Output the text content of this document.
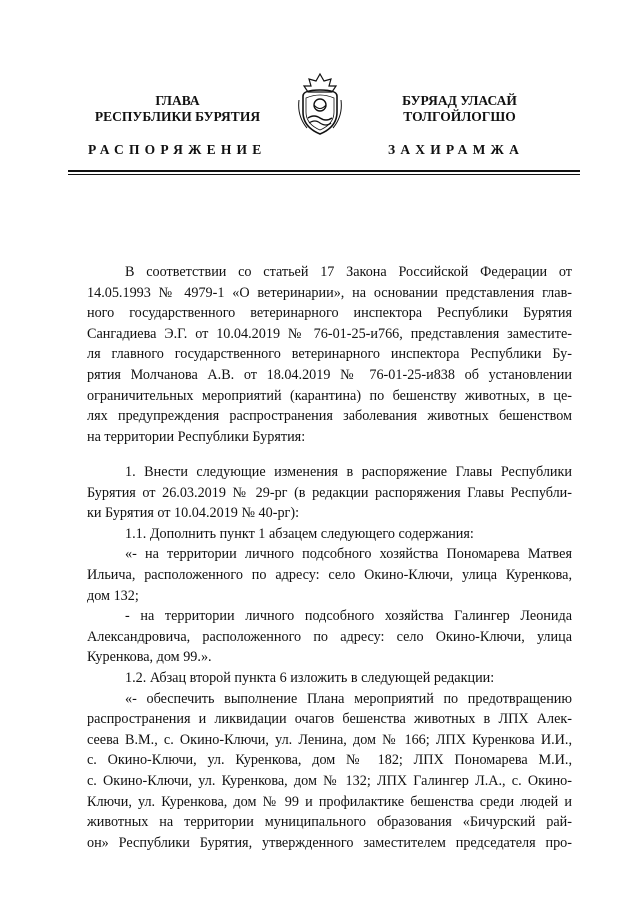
ГЛАВА
РЕСПУБЛИКИ БУРЯТИЯ
БУРЯАД УЛАСАЙ
ТОЛГОЙЛОГШО
РАСПОРЯЖЕНИЕ	ЗАХИРАМЖА
В соответствии со статьей 17 Закона Российской Федерации от
14.05.1993 № 4979-1 «О ветеринарии», на основании представления глав-
ного государственного ветеринарного инспектора Республики Бурятия
Сангадиева Э.Г. от 10.04.2019 № 76-01-25-и766, представления заместите-
ля главного государственного ветеринарного инспектора Республики Бу-
рятия Молчанова А.В. от 18.04.2019 № 76-01-25-и838 об установлении
ограничительных мероприятий (карантина) по бешенству животных, в це-
лях предупреждения распространения заболевания животных бешенством
на территории Республики Бурятия:
1. Внести следующие изменения в распоряжение Главы Республики
Бурятия от 26.03.2019 № 29-рг (в редакции распоряжения Главы Республи-
ки Бурятия от 10.04.2019 № 40-рг):
1.1. Дополнить пункт 1 абзацем следующего содержания:
«- на территории личного подсобного хозяйства Пономарева Матвея
Ильича, расположенного по адресу: село Окино-Ключи, улица Куренкова,
дом 132;
- на территории личного подсобного хозяйства Галингер Леонида
Александровича, расположенного по адресу: село Окино-Ключи, улица
Куренкова, дом 99.».
1.2. Абзац второй пункта 6 изложить в следующей редакции:
«- обеспечить выполнение Плана мероприятий по предотвращению
распространения и ликвидации очагов бешенства животных в ЛПХ Алек-
сеева В.М., с. Окино-Ключи, ул. Ленина, дом № 166; ЛПХ Куренкова И.И.,
с. Окино-Ключи, ул. Куренкова, дом № 182; ЛПХ Пономарева М.И.,
с. Окино-Ключи, ул. Куренкова, дом № 132; ЛПХ Галингер Л.А., с. Окино-
Ключи, ул. Куренкова, дом № 99 и профилактике бешенства среди людей и
животных на территории муниципального образования «Бичурский рай-
он» Республики Бурятия, утвержденного заместителем председателя про-
